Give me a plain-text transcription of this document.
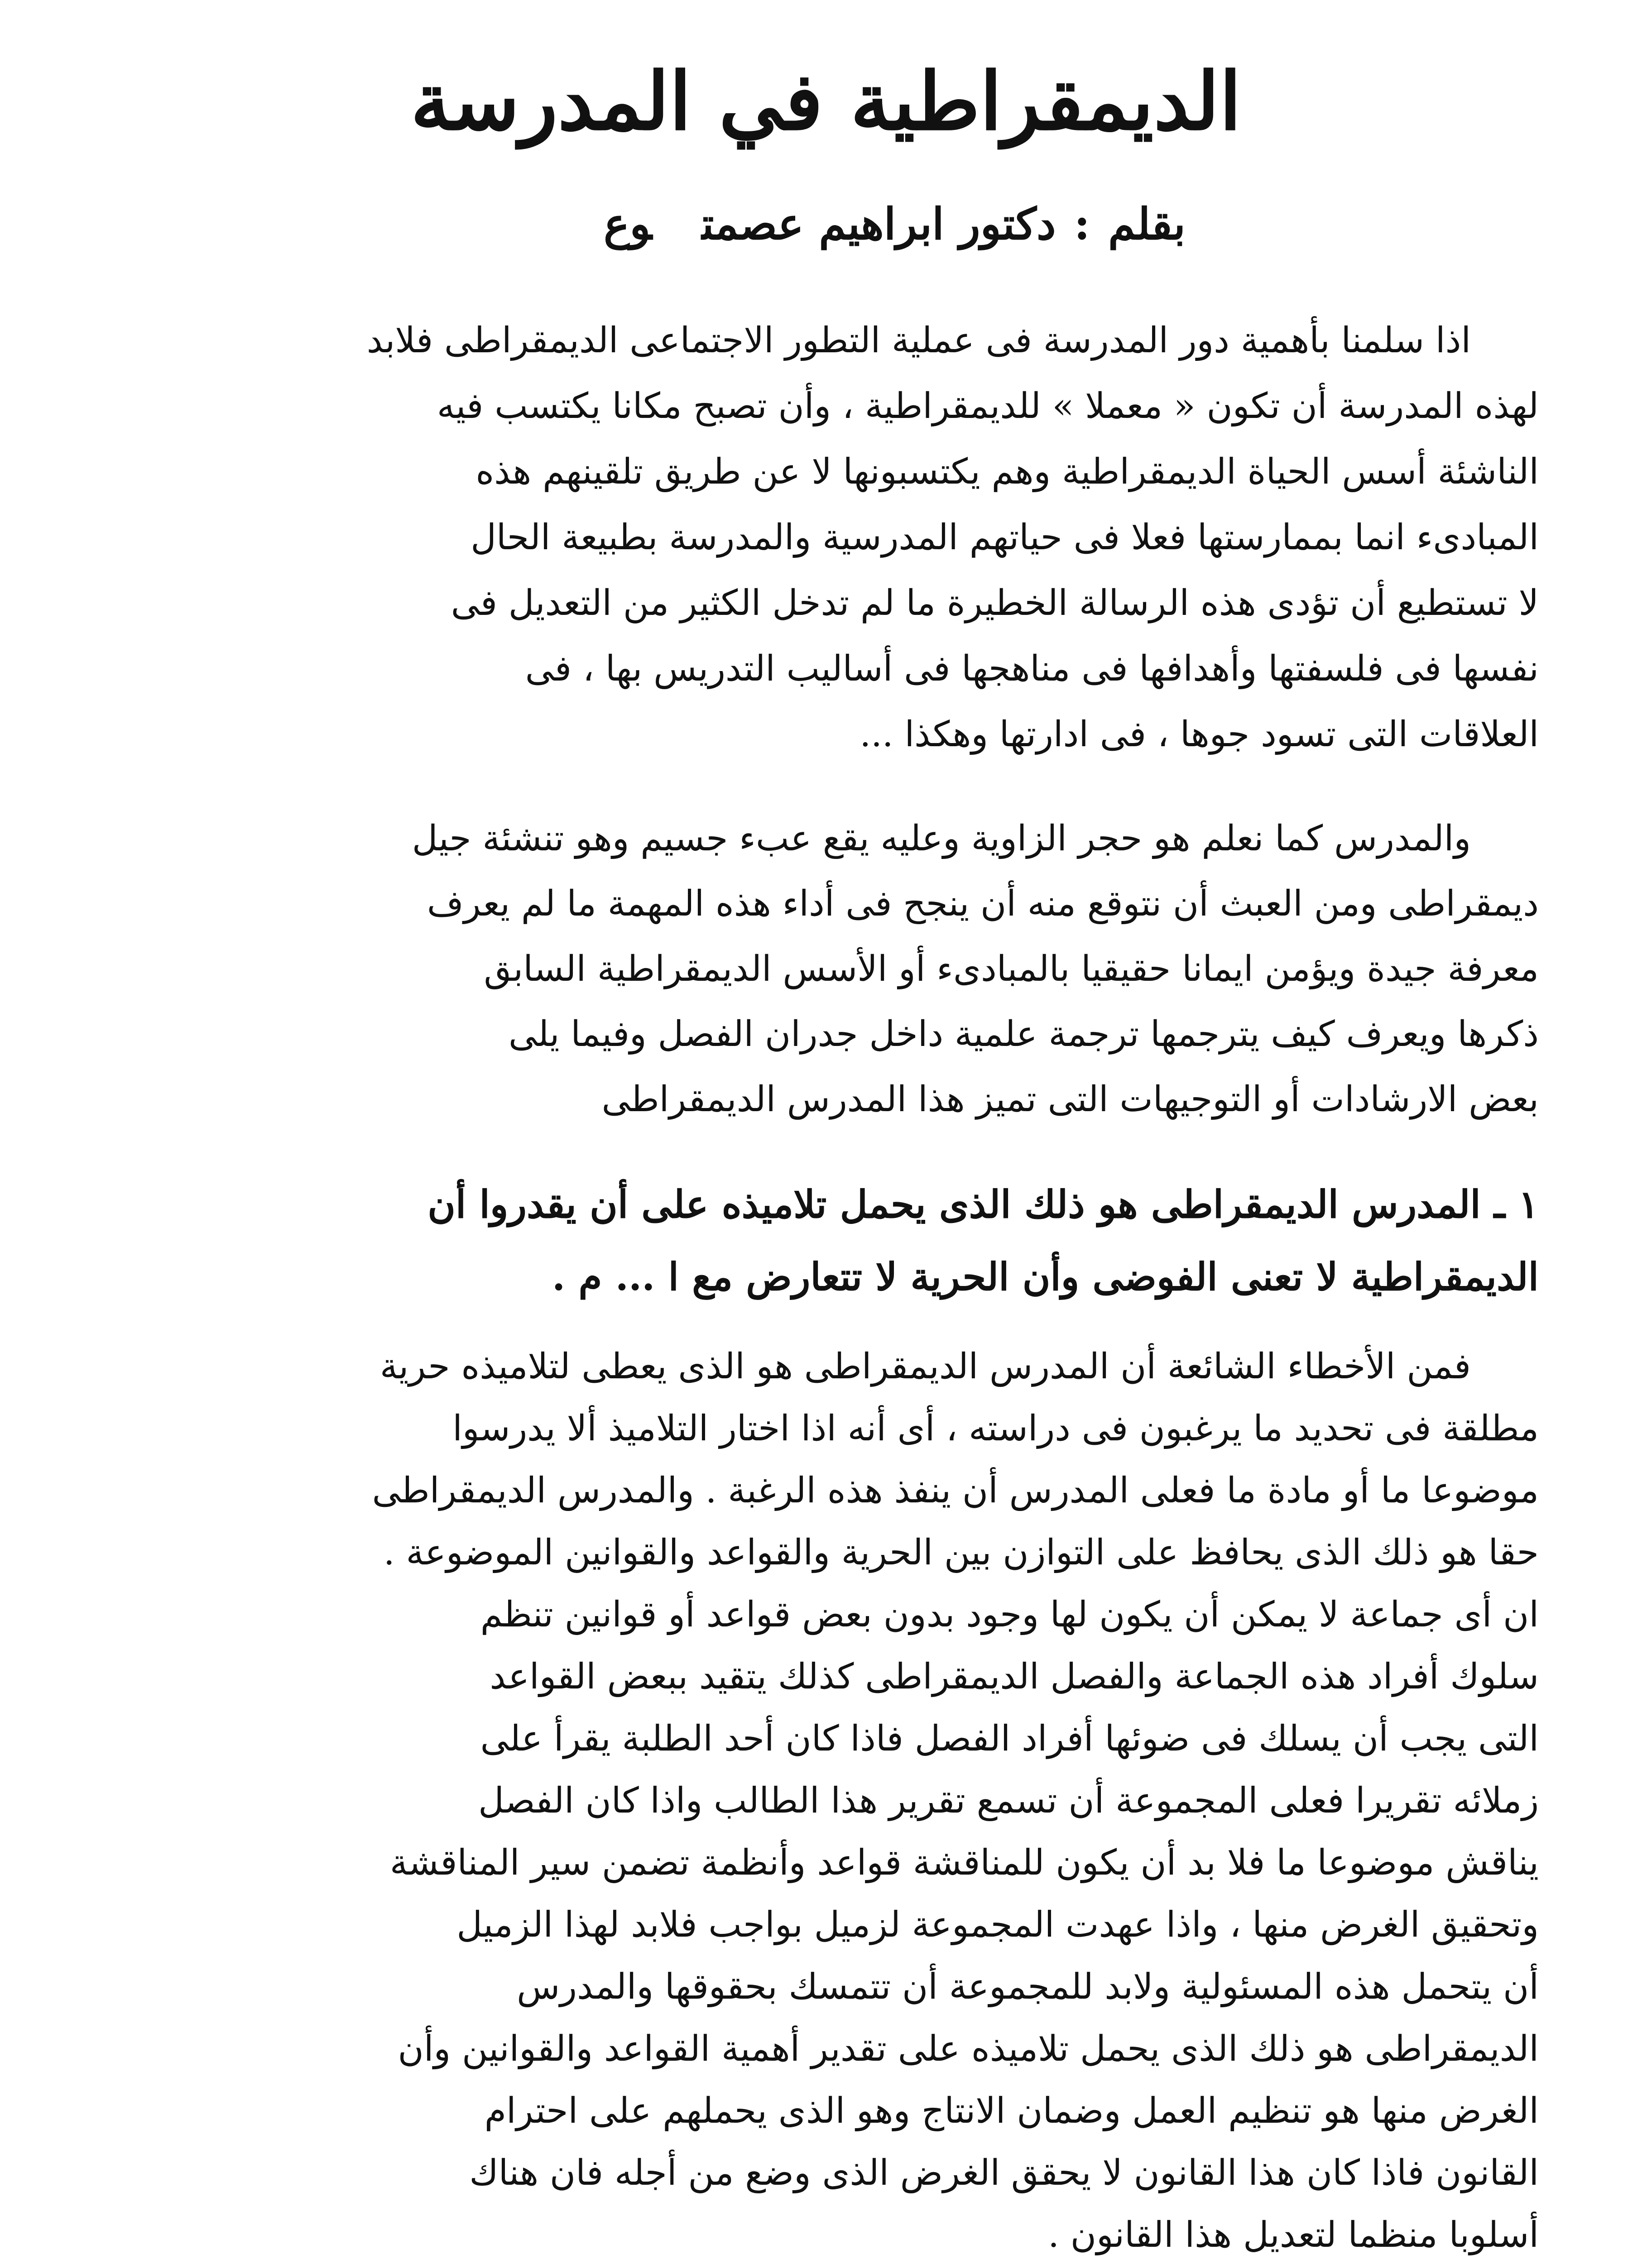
الديمقراطية في المدرسة
بقلم:دكتور ابراهيم عصمتوع

اذا سلمنا بأهمية دور المدرسة فى عملية التطور الاجتماعى الديمقراطى فلابد
لهذه المدرسة أن تكون « معملا » للديمقراطية ، وأن تصبح مكانا يكتسب فيه
الناشئة أسس الحياة الديمقراطية وهم يكتسبونها لا عن طريق تلقينهم هذه
المبادىء انما بممارستها فعلا فى حياتهم المدرسية والمدرسة بطبيعة الحال
لا تستطيع أن تؤدى هذه الرسالة الخطيرة ما لم تدخل الكثير من التعديل فى
نفسها فى فلسفتها وأهدافها فى مناهجها فى أساليب التدريس بها ، فى
العلاقات التى تسود جوها ، فى ادارتها وهكذا ...

والمدرس كما نعلم هو حجر الزاوية وعليه يقع عبء جسيم وهو تنشئة جيل
ديمقراطى ومن العبث أن نتوقع منه أن ينجح فى أداء هذه المهمة ما لم يعرف
معرفة جيدة ويؤمن ايمانا حقيقيا بالمبادىء أو الأسس الديمقراطية السابق
ذكرها ويعرف كيف يترجمها ترجمة علمية داخل جدران الفصل وفيما يلى
بعض الارشادات أو التوجيهات التى تميز هذا المدرس الديمقراطى

١ ـ المدرس الديمقراطى هو ذلك الذى يحمل تلاميذه على أن يقدروا أن
الديمقراطية لا تعنى الفوضى وأن الحرية لا تتعارض مع ا ... م .

فمن الأخطاء الشائعة أن المدرس الديمقراطى هو الذى يعطى لتلاميذه حرية
مطلقة فى تحديد ما يرغبون فى دراسته ، أى أنه اذا اختار التلاميذ ألا يدرسوا
موضوعا ما أو مادة ما فعلى المدرس أن ينفذ هذه الرغبة . والمدرس الديمقراطى
حقا هو ذلك الذى يحافظ على التوازن بين الحرية والقواعد والقوانين الموضوعة .
ان أى جماعة لا يمكن أن يكون لها وجود بدون بعض قواعد أو قوانين تنظم
سلوك أفراد هذه الجماعة والفصل الديمقراطى كذلك يتقيد ببعض القواعد
التى يجب أن يسلك فى ضوئها أفراد الفصل فاذا كان أحد الطلبة يقرأ على
زملائه تقريرا فعلى المجموعة أن تسمع تقرير هذا الطالب واذا كان الفصل
يناقش موضوعا ما فلا بد أن يكون للمناقشة قواعد وأنظمة تضمن سير المناقشة
وتحقيق الغرض منها ، واذا عهدت المجموعة لزميل بواجب فلابد لهذا الزميل
أن يتحمل هذه المسئولية ولابد للمجموعة أن تتمسك بحقوقها والمدرس
الديمقراطى هو ذلك الذى يحمل تلاميذه على تقدير أهمية القواعد والقوانين وأن
الغرض منها هو تنظيم العمل وضمان الانتاج وهو الذى يحملهم على احترام
القانون فاذا كان هذا القانون لا يحقق الغرض الذى وضع من أجله فان هناك
أسلوبا منظما لتعديل هذا القانون .
